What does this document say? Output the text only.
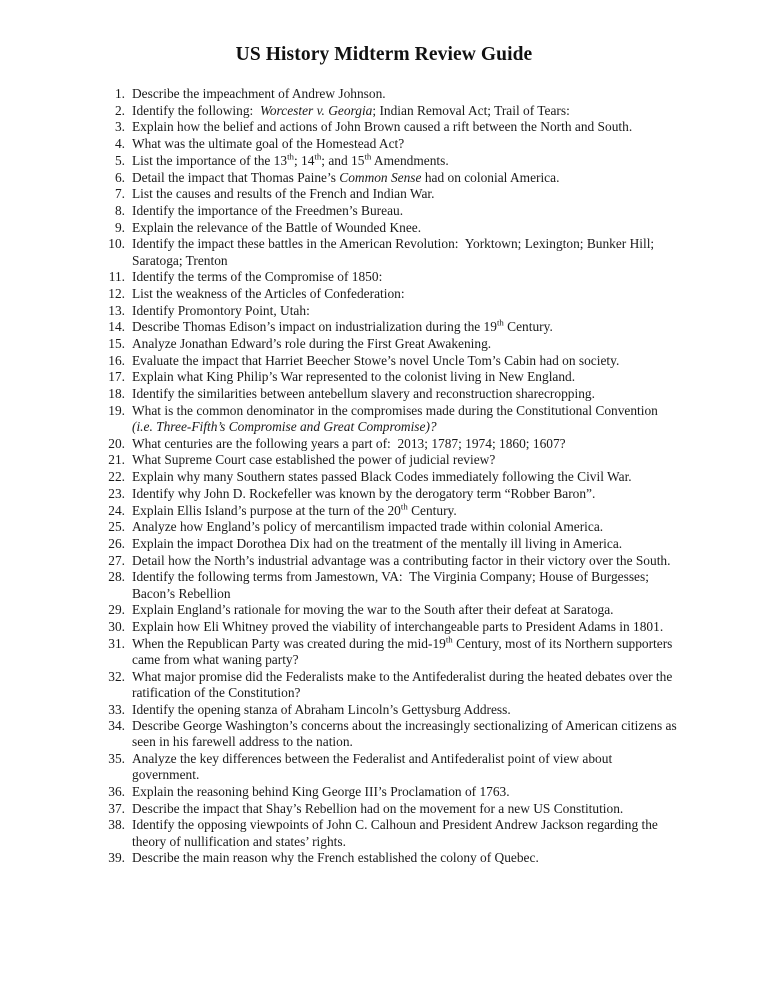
US History Midterm Review Guide
1. Describe the impeachment of Andrew Johnson.
2. Identify the following:  Worcester v. Georgia; Indian Removal Act; Trail of Tears:
3. Explain how the belief and actions of John Brown caused a rift between the North and South.
4. What was the ultimate goal of the Homestead Act?
5. List the importance of the 13th; 14th; and 15th Amendments.
6. Detail the impact that Thomas Paine’s Common Sense had on colonial America.
7. List the causes and results of the French and Indian War.
8. Identify the importance of the Freedmen’s Bureau.
9. Explain the relevance of the Battle of Wounded Knee.
10. Identify the impact these battles in the American Revolution:  Yorktown; Lexington; Bunker Hill; Saratoga; Trenton
11. Identify the terms of the Compromise of 1850:
12. List the weakness of the Articles of Confederation:
13. Identify Promontory Point, Utah:
14. Describe Thomas Edison’s impact on industrialization during the 19th Century.
15. Analyze Jonathan Edward’s role during the First Great Awakening.
16. Evaluate the impact that Harriet Beecher Stowe’s novel Uncle Tom’s Cabin had on society.
17. Explain what King Philip’s War represented to the colonist living in New England.
18. Identify the similarities between antebellum slavery and reconstruction sharecropping.
19. What is the common denominator in the compromises made during the Constitutional Convention (i.e. Three-Fifth’s Compromise and Great Compromise)?
20. What centuries are the following years a part of:  2013; 1787; 1974; 1860; 1607?
21. What Supreme Court case established the power of judicial review?
22. Explain why many Southern states passed Black Codes immediately following the Civil War.
23. Identify why John D. Rockefeller was known by the derogatory term “Robber Baron”.
24. Explain Ellis Island’s purpose at the turn of the 20th Century.
25. Analyze how England’s policy of mercantilism impacted trade within colonial America.
26. Explain the impact Dorothea Dix had on the treatment of the mentally ill living in America.
27. Detail how the North’s industrial advantage was a contributing factor in their victory over the South.
28. Identify the following terms from Jamestown, VA:  The Virginia Company; House of Burgesses; Bacon’s Rebellion
29. Explain England’s rationale for moving the war to the South after their defeat at Saratoga.
30. Explain how Eli Whitney proved the viability of interchangeable parts to President Adams in 1801.
31. When the Republican Party was created during the mid-19th Century, most of its Northern supporters came from what waning party?
32. What major promise did the Federalists make to the Antifederalist during the heated debates over the ratification of the Constitution?
33. Identify the opening stanza of Abraham Lincoln’s Gettysburg Address.
34. Describe George Washington’s concerns about the increasingly sectionalizing of American citizens as seen in his farewell address to the nation.
35. Analyze the key differences between the Federalist and Antifederalist point of view about government.
36. Explain the reasoning behind King George III’s Proclamation of 1763.
37. Describe the impact that Shay’s Rebellion had on the movement for a new US Constitution.
38. Identify the opposing viewpoints of John C. Calhoun and President Andrew Jackson regarding the theory of nullification and states’ rights.
39. Describe the main reason why the French established the colony of Quebec.
